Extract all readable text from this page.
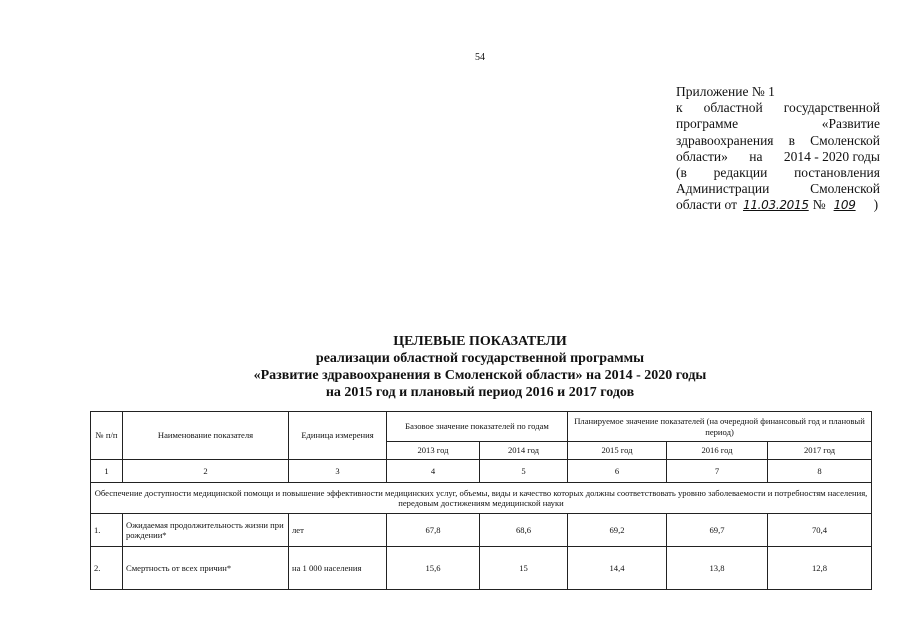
54
Приложение № 1
к областной государственной
программе	«Развитие
здравоохранения в Смоленской
области» на 2014 - 2020 годы
(в редакции постановления
Администрации	Смоленской
области от 11.03.2015 № 109 )
ЦЕЛЕВЫЕ ПОКАЗАТЕЛИ
реализации областной государственной программы
«Развитие здравоохранения в Смоленской области» на 2014 - 2020 годы
на 2015 год и плановый период 2016 и 2017 годов
№ п/п	Наименование показателя	Единица измерения	Базовое значение показателей по годам		Планируемое значение показателей (на очередной финансовый год и плановый период)		
			2013 год	2014 год	2015 год	2016 год	2017 год
1	2	3	4	5	6	7	8
Обеспечение доступности медицинской помощи и повышение эффективности медицинских услуг, объемы, виды и качество которых должны соответствовать уровню заболеваемости и потребностям населения, передовым достижениям медицинской науки							
1.	Ожидаемая продолжительность жизни при рождении*	лет	67,8	68,6	69,2	69,7	70,4
2.	Смертность от всех причин*	на 1 000 населения	15,6	15	14,4	13,8	12,8
